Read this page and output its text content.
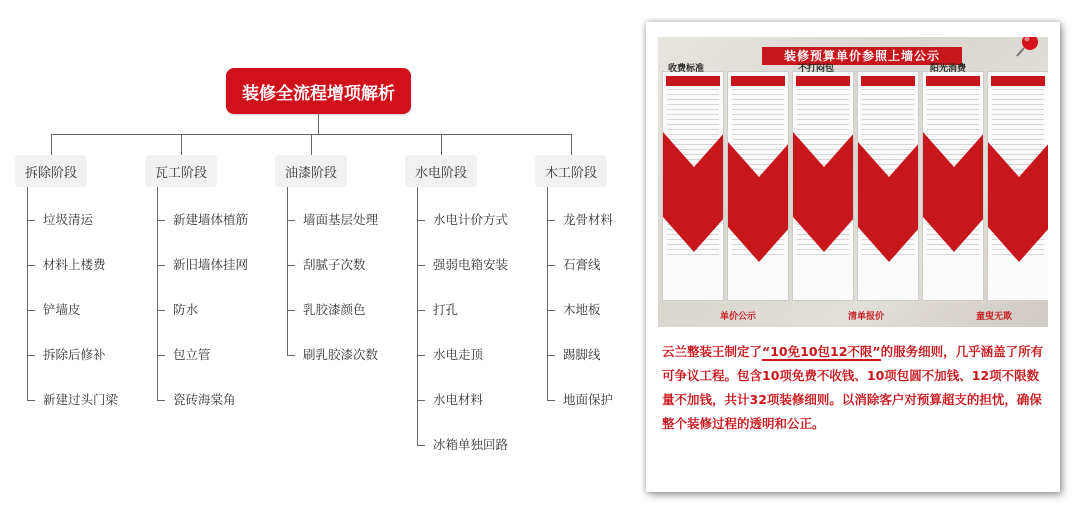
装修全流程增项解析
拆除阶段
垃圾清运
材料上楼费
铲墙皮
拆除后修补
新建过头门梁
瓦工阶段
新建墙体植筋
新旧墙体挂网
防水
包立管
瓷砖海棠角
油漆阶段
墙面基层处理
刮腻子次数
乳胶漆颜色
刷乳胶漆次数
水电阶段
水电计价方式
强弱电箱安装
打孔
水电走顶
水电材料
冰箱单独回路
木工阶段
龙骨材料
石膏线
木地板
踢脚线
地面保护
装修预算单价参照上墙公示
收费标准	不打闷包	阳光消费
单价公示	清单报价	童叟无欺
云兰整装王制定了“10免10包12不限”的服务细则，几乎涵盖了所有可争议工程。包含10项免费不收钱、10项包圆不加钱、12项不限数量不加钱，共计32项装修细则。以消除客户对预算超支的担忧，确保整个装修过程的透明和公正。
